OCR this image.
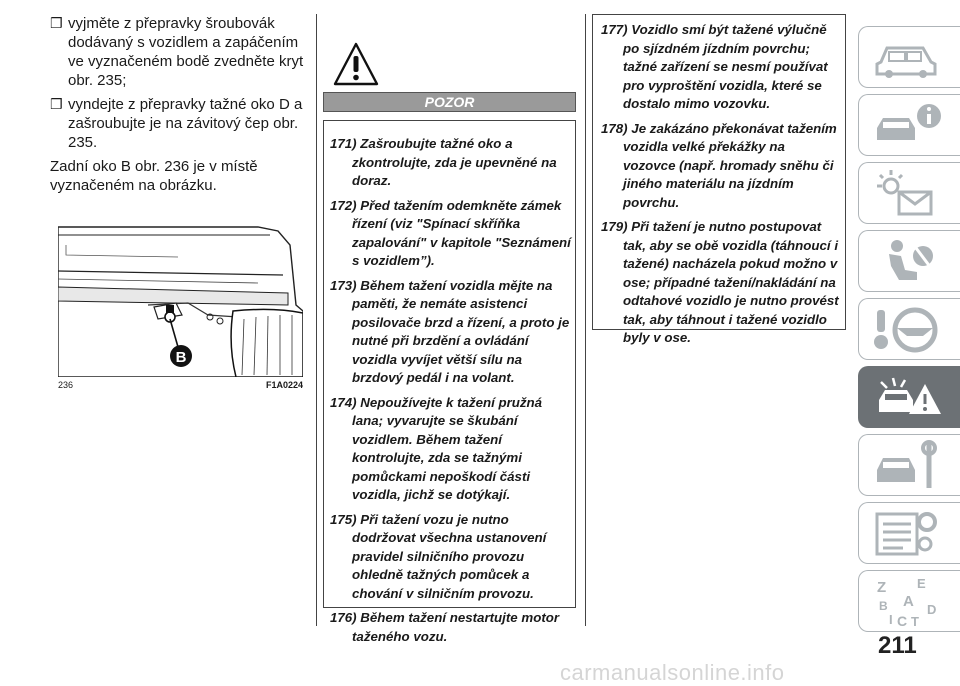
❒ vyjměte z přepravky šroubovák dodávaný s vozidlem a zapáčením ve vyznačeném bodě zvedněte kryt obr. 235;
❒ vyndejte z přepravky tažné oko D a zašroubujte je na závitový čep obr. 235.

Zadní oko B obr. 236 je v místě vyznačeném na obrázku.

B
236	F1A0224
POZOR

171) Zašroubujte tažné oko a zkontrolujte, zda je upevněné na doraz.

172) Před tažením odemkněte zámek řízení (viz "Spínací skříňka zapalování" v kapitole "Seznámení s vozidlem”).

173) Během tažení vozidla mějte na paměti, že nemáte asistenci posilovače brzd a řízení, a proto je nutné při brzdění a ovládání vozidla vyvíjet větší sílu na brzdový pedál i na volant.

174) Nepoužívejte k tažení pružná lana; vyvarujte se škubání vozidlem. Během tažení kontrolujte, zda se tažnými pomůckami nepoškodí části vozidla, jichž se dotýkají.

175) Při tažení vozu je nutno dodržovat všechna ustanovení pravidel silničního provozu ohledně tažných pomůcek a chování v silničním provozu.

176) Během tažení nestartujte motor taženého vozu.

177) Vozidlo smí být tažené výlučně po sjízdném jízdním povrchu; tažné zařízení se nesmí používat pro vyproštění vozidla, které se dostalo mimo vozovku.

178) Je zakázáno překonávat tažením vozidla velké překážky na vozovce (např. hromady sněhu či jiného materiálu na jízdním povrchu.

179) Při tažení je nutno postupovat tak, aby se obě vozidla (táhnoucí i tažené) nacházela pokud možno v ose; případné tažení/nakládání na odtahové vozidlo je nutno provést tak, aby táhnout i tažené vozidlo byly v ose.

Z E
A
B	D
I C T
211
carmanualsonline.info
